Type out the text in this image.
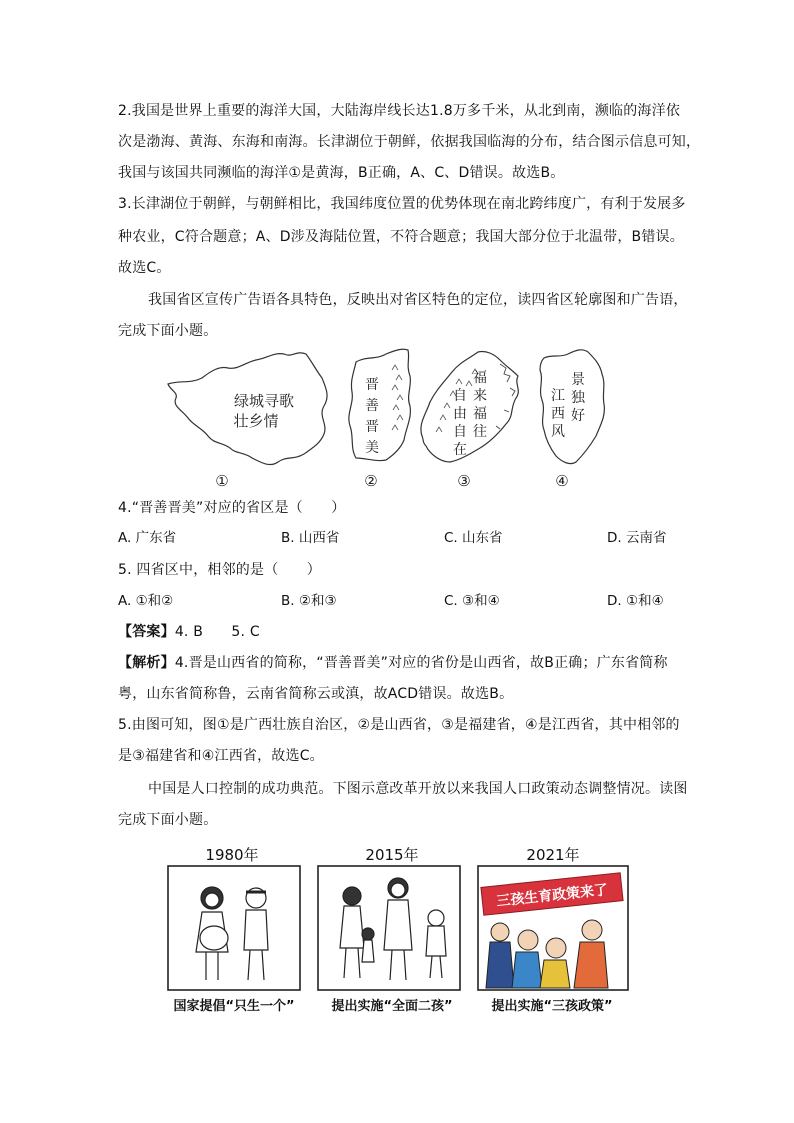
2.我国是世界上重要的海洋大国，大陆海岸线长达1.8万多千米，从北到南，濒临的海洋依
次是渤海、黄海、东海和南海。长津湖位于朝鲜，依据我国临海的分布，结合图示信息可知，
我国与该国共同濒临的海洋①是黄海，B正确，A、C、D错误。故选B。
3.长津湖位于朝鲜，与朝鲜相比，我国纬度位置的优势体现在南北跨纬度广，有利于发展多
种农业，C符合题意；A、D涉及海陆位置，不符合题意；我国大部分位于北温带，B错误。
故选C。
我国省区宣传广告语各具特色，反映出对省区特色的定位，读四省区轮廓图和广告语，
完成下面小题。
绿城寻歌
壮乡情
晋
善
晋
美
福
来
福
往
自
由
自
在
景
独
好
江
西
风
①	②	③	④
4.“晋善晋美”对应的省区是（　　）
A. 广东省	B. 山西省	C. 山东省	D. 云南省
5. 四省区中，相邻的是（　　）
A. ①和②	B. ②和③	C. ③和④	D. ①和④
【答案】4. B　　5. C
【解析】4.晋是山西省的简称，“晋善晋美”对应的省份是山西省，故B正确；广东省简称
粤，山东省简称鲁，云南省简称云或滇，故ACD错误。故选B。
5.由图可知，图①是广西壮族自治区，②是山西省，③是福建省，④是江西省，其中相邻的
是③福建省和④江西省，故选C。
中国是人口控制的成功典范。下图示意改革开放以来我国人口政策动态调整情况。读图
完成下面小题。
1980年	2015年	2021年
三孩生育政策来了
国家提倡“只生一个”	提出实施“全面二孩”	提出实施“三孩政策”
